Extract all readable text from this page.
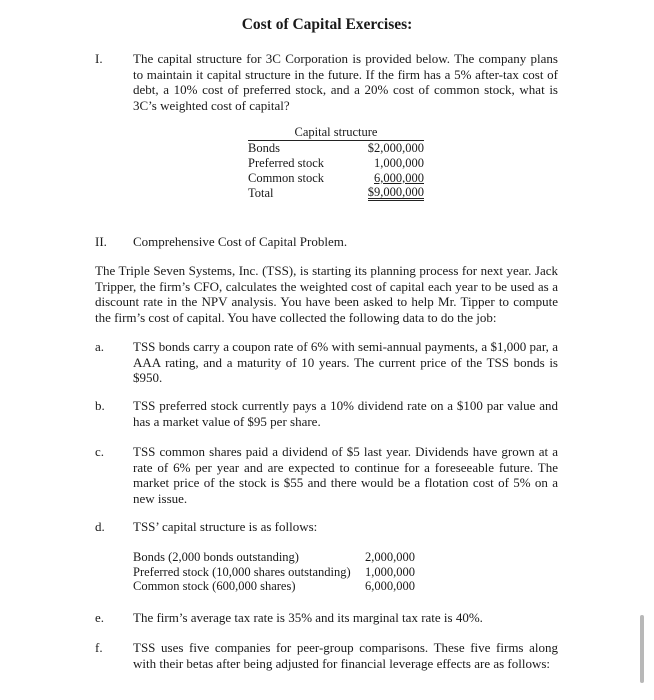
Cost of Capital Exercises:
I. The capital structure for 3C Corporation is provided below. The company plans to maintain it capital structure in the future. If the firm has a 5% after-tax cost of debt, a 10% cost of preferred stock, and a 20% cost of common stock, what is 3C’s weighted cost of capital?
Capital structure
Bonds	$2,000,000
Preferred stock	1,000,000
Common stock	6,000,000
Total	$9,000,000
II. Comprehensive Cost of Capital Problem.
The Triple Seven Systems, Inc. (TSS), is starting its planning process for next year. Jack Tripper, the firm’s CFO, calculates the weighted cost of capital each year to be used as a discount rate in the NPV analysis. You have been asked to help Mr. Tipper to compute the firm’s cost of capital. You have collected the following data to do the job:
a. TSS bonds carry a coupon rate of 6% with semi-annual payments, a $1,000 par, a AAA rating, and a maturity of 10 years. The current price of the TSS bonds is $950.
b. TSS preferred stock currently pays a 10% dividend rate on a $100 par value and has a market value of $95 per share.
c. TSS common shares paid a dividend of $5 last year. Dividends have grown at a rate of 6% per year and are expected to continue for a foreseeable future. The market price of the stock is $55 and there would be a flotation cost of 5% on a new issue.
d. TSS’ capital structure is as follows:
Bonds (2,000 bonds outstanding)	2,000,000
Preferred stock (10,000 shares outstanding)	1,000,000
Common stock (600,000 shares)	6,000,000
e. The firm’s average tax rate is 35% and its marginal tax rate is 40%.
f. TSS uses five companies for peer-group comparisons. These five firms along with their betas after being adjusted for financial leverage effects are as follows:
